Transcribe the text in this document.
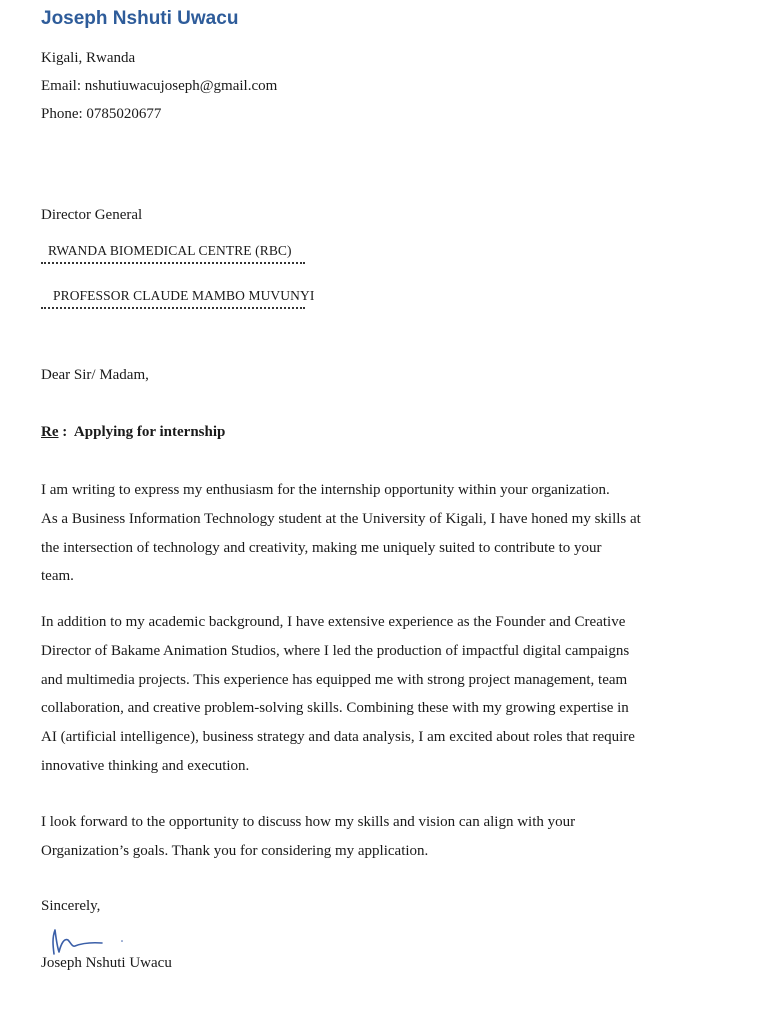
Joseph Nshuti Uwacu
Kigali, Rwanda
Email: nshutiuwacujoseph@gmail.com
Phone: 0785020677
Director General
RWANDA BIOMEDICAL CENTRE (RBC)
PROFESSOR CLAUDE MAMBO MUVUNYI
Dear Sir/ Madam,
Re :  Applying for internship
I am writing to express my enthusiasm for the internship opportunity within your organization.
As a Business Information Technology student at the University of Kigali, I have honed my skills at
the intersection of technology and creativity, making me uniquely suited to contribute to your
team.
In addition to my academic background, I have extensive experience as the Founder and Creative
Director of Bakame Animation Studios, where I led the production of impactful digital campaigns
and multimedia projects. This experience has equipped me with strong project management, team
collaboration, and creative problem-solving skills. Combining these with my growing expertise in
AI (artificial intelligence), business strategy and data analysis, I am excited about roles that require
innovative thinking and execution.
I look forward to the opportunity to discuss how my skills and vision can align with your
Organization’s goals. Thank you for considering my application.
Sincerely,
Joseph Nshuti Uwacu
